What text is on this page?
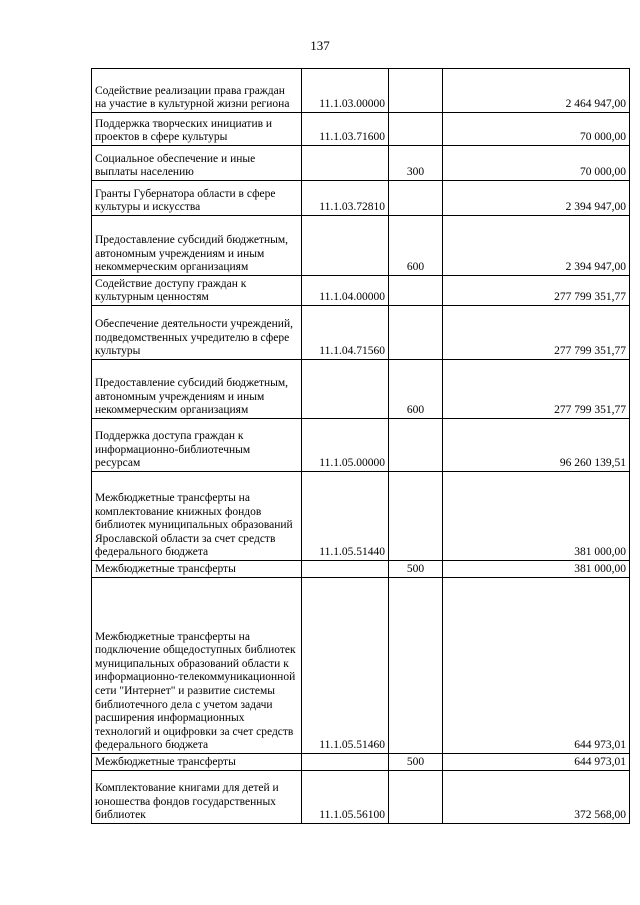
137
Содействие реализации права граждан на участие в культурной жизни региона	11.1.03.00000		2 464 947,00
Поддержка творческих инициатив и проектов в сфере культуры	11.1.03.71600		70 000,00
Социальное обеспечение и иные выплаты населению		300	70 000,00
Гранты Губернатора области в сфере культуры и искусства	11.1.03.72810		2 394 947,00
Предоставление субсидий бюджетным, автономным учреждениям и иным некоммерческим организациям		600	2 394 947,00
Содействие доступу граждан к культурным ценностям	11.1.04.00000		277 799 351,77
Обеспечение деятельности учреждений, подведомственных учредителю в сфере культуры	11.1.04.71560		277 799 351,77
Предоставление субсидий бюджетным, автономным учреждениям и иным некоммерческим организациям		600	277 799 351,77
Поддержка доступа граждан к информационно-библиотечным ресурсам	11.1.05.00000		96 260 139,51
Межбюджетные трансферты на комплектование книжных фондов библиотек муниципальных образований Ярославской области за счет средств федерального бюджета	11.1.05.51440		381 000,00
Межбюджетные трансферты		500	381 000,00
Межбюджетные трансферты на подключение общедоступных библиотек муниципальных образований области к информационно-телекоммуникационной сети "Интернет" и развитие системы библиотечного дела с учетом задачи расширения информационных технологий и оцифровки за счет средств федерального бюджета	11.1.05.51460		644 973,01
Межбюджетные трансферты		500	644 973,01
Комплектование книгами для детей и юношества фондов государственных библиотек	11.1.05.56100		372 568,00
